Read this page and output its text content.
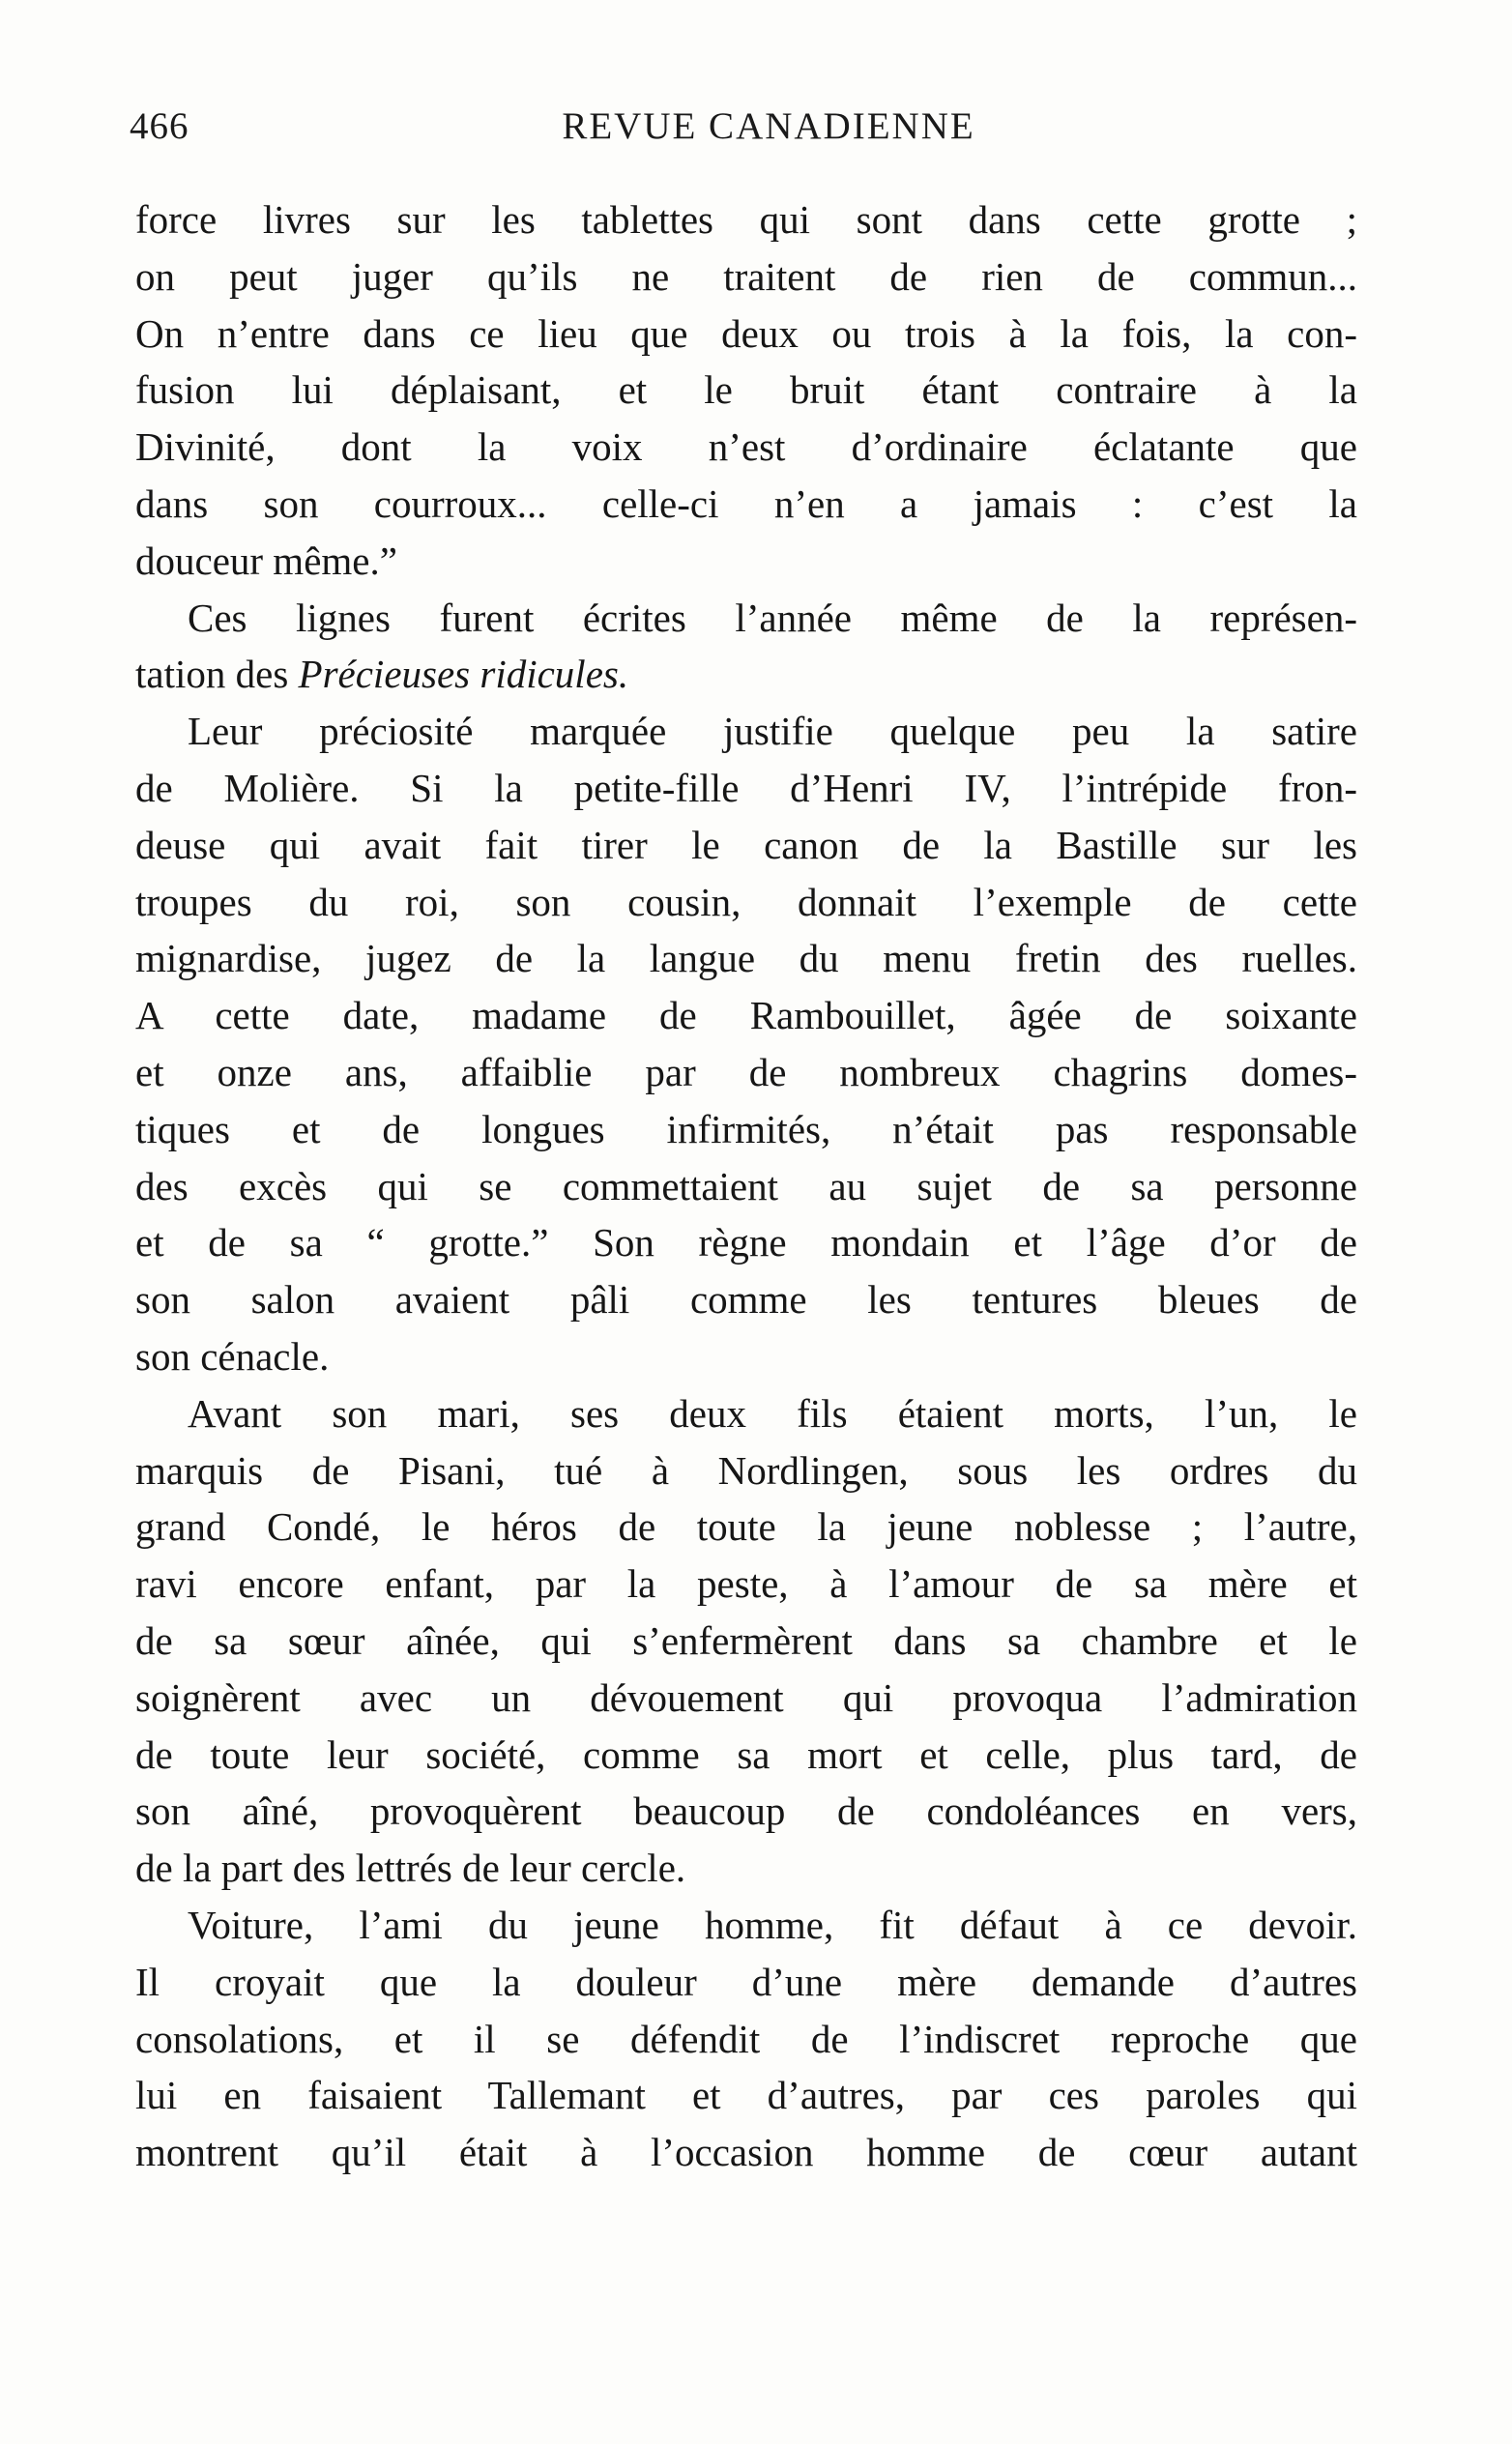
466	REVUE CANADIENNE
force livres sur les tablettes qui sont dans cette grotte ;
on peut juger qu’ils ne traitent de rien de commun...
On n’entre dans ce lieu que deux ou trois à la fois, la con-
fusion lui déplaisant, et le bruit étant contraire à la
Divinité, dont la voix n’est d’ordinaire éclatante que
dans son courroux... celle-ci n’en a jamais : c’est la
douceur même.”
Ces lignes furent écrites l’année même de la représen-
tation des Précieuses ridicules.
Leur préciosité marquée justifie quelque peu la satire
de Molière. Si la petite-fille d’Henri IV, l’intrépide fron-
deuse qui avait fait tirer le canon de la Bastille sur les
troupes du roi, son cousin, donnait l’exemple de cette
mignardise, jugez de la langue du menu fretin des ruelles.
A cette date, madame de Rambouillet, âgée de soixante
et onze ans, affaiblie par de nombreux chagrins domes-
tiques et de longues infirmités, n’était pas responsable
des excès qui se commettaient au sujet de sa personne
et de sa “ grotte.” Son règne mondain et l’âge d’or de
son salon avaient pâli comme les tentures bleues de
son cénacle.
Avant son mari, ses deux fils étaient morts, l’un, le
marquis de Pisani, tué à Nordlingen, sous les ordres du
grand Condé, le héros de toute la jeune noblesse ; l’autre,
ravi encore enfant, par la peste, à l’amour de sa mère et
de sa sœur aînée, qui s’enfermèrent dans sa chambre et le
soignèrent avec un dévouement qui provoqua l’admiration
de toute leur société, comme sa mort et celle, plus tard, de
son aîné, provoquèrent beaucoup de condoléances en vers,
de la part des lettrés de leur cercle.
Voiture, l’ami du jeune homme, fit défaut à ce devoir.
Il croyait que la douleur d’une mère demande d’autres
consolations, et il se défendit de l’indiscret reproche que
lui en faisaient Tallemant et d’autres, par ces paroles qui
montrent qu’il était à l’occasion homme de cœur autant
